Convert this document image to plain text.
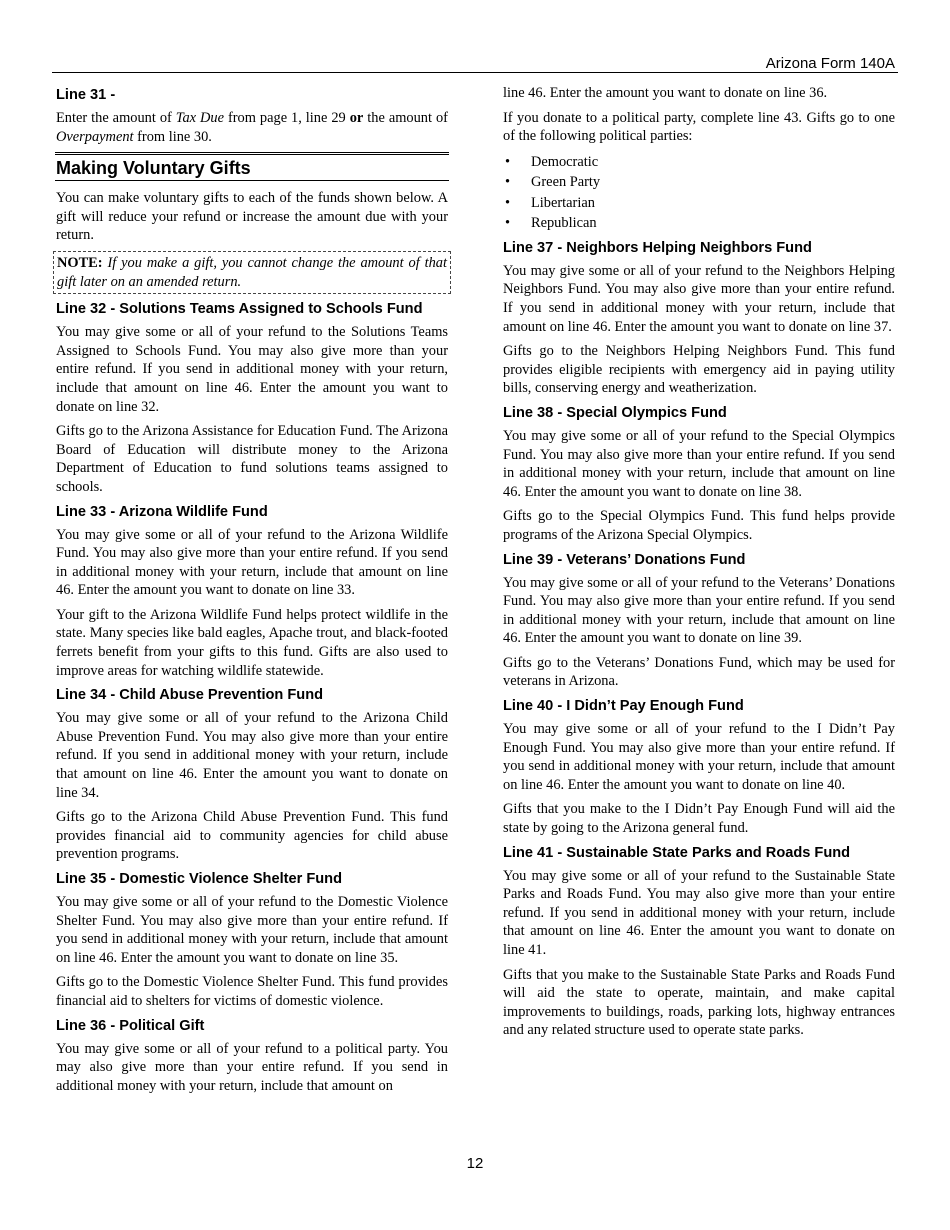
Arizona Form 140A
Line 31 -

Enter the amount of Tax Due from page 1, line 29 or the amount of Overpayment from line 30.

Making Voluntary Gifts

You can make voluntary gifts to each of the funds shown below. A gift will reduce your refund or increase the amount due with your return.

NOTE: If you make a gift, you cannot change the amount of that gift later on an amended return.
Line 32 - Solutions Teams Assigned to Schools Fund

You may give some or all of your refund to the Solutions Teams Assigned to Schools Fund. You may also give more than your entire refund. If you send in additional money with your return, include that amount on line 46. Enter the amount you want to donate on line 32.

Gifts go to the Arizona Assistance for Education Fund. The Arizona Board of Education will distribute money to the Arizona Department of Education to fund solutions teams assigned to schools.

Line 33 - Arizona Wildlife Fund

You may give some or all of your refund to the Arizona Wildlife Fund. You may also give more than your entire refund. If you send in additional money with your return, include that amount on line 46. Enter the amount you want to donate on line 33.

Your gift to the Arizona Wildlife Fund helps protect wildlife in the state. Many species like bald eagles, Apache trout, and black-footed ferrets benefit from your gifts to this fund. Gifts are also used to improve areas for watching wildlife statewide.

Line 34 - Child Abuse Prevention Fund

You may give some or all of your refund to the Arizona Child Abuse Prevention Fund. You may also give more than your entire refund. If you send in additional money with your return, include that amount on line 46. Enter the amount you want to donate on line 34.

Gifts go to the Arizona Child Abuse Prevention Fund. This fund provides financial aid to community agencies for child abuse prevention programs.

Line 35 - Domestic Violence Shelter Fund

You may give some or all of your refund to the Domestic Violence Shelter Fund. You may also give more than your entire refund. If you send in additional money with your return, include that amount on line 46. Enter the amount you want to donate on line 35.

Gifts go to the Domestic Violence Shelter Fund. This fund provides financial aid to shelters for victims of domestic violence.

Line 36 - Political Gift

You may give some or all of your refund to a political party. You may also give more than your entire refund. If you send in additional money with your return, include that amount on

line 46. Enter the amount you want to donate on line 36.

If you donate to a political party, complete line 43. Gifts go to one of the following political parties:

• Democratic
• Green Party
• Libertarian
• Republican
Line 37 - Neighbors Helping Neighbors Fund

You may give some or all of your refund to the Neighbors Helping Neighbors Fund. You may also give more than your entire refund. If you send in additional money with your return, include that amount on line 46. Enter the amount you want to donate on line 37.

Gifts go to the Neighbors Helping Neighbors Fund. This fund provides eligible recipients with emergency aid in paying utility bills, conserving energy and weatherization.

Line 38 - Special Olympics Fund

You may give some or all of your refund to the Special Olympics Fund. You may also give more than your entire refund. If you send in additional money with your return, include that amount on line 46. Enter the amount you want to donate on line 38.

Gifts go to the Special Olympics Fund. This fund helps provide programs of the Arizona Special Olympics.

Line 39 - Veterans’ Donations Fund

You may give some or all of your refund to the Veterans’ Donations Fund. You may also give more than your entire refund. If you send in additional money with your return, include that amount on line 46. Enter the amount you want to donate on line 39.

Gifts go to the Veterans’ Donations Fund, which may be used for veterans in Arizona.

Line 40 - I Didn’t Pay Enough Fund

You may give some or all of your refund to the I Didn’t Pay Enough Fund. You may also give more than your entire refund. If you send in additional money with your return, include that amount on line 46. Enter the amount you want to donate on line 40.

Gifts that you make to the I Didn’t Pay Enough Fund will aid the state by going to the Arizona general fund.

Line 41 - Sustainable State Parks and Roads Fund

You may give some or all of your refund to the Sustainable State Parks and Roads Fund. You may also give more than your entire refund. If you send in additional money with your return, include that amount on line 46. Enter the amount you want to donate on line 41.

Gifts that you make to the Sustainable State Parks and Roads Fund will aid the state to operate, maintain, and make capital improvements to buildings, roads, parking lots, highway entrances and any related structure used to operate state parks.

12
